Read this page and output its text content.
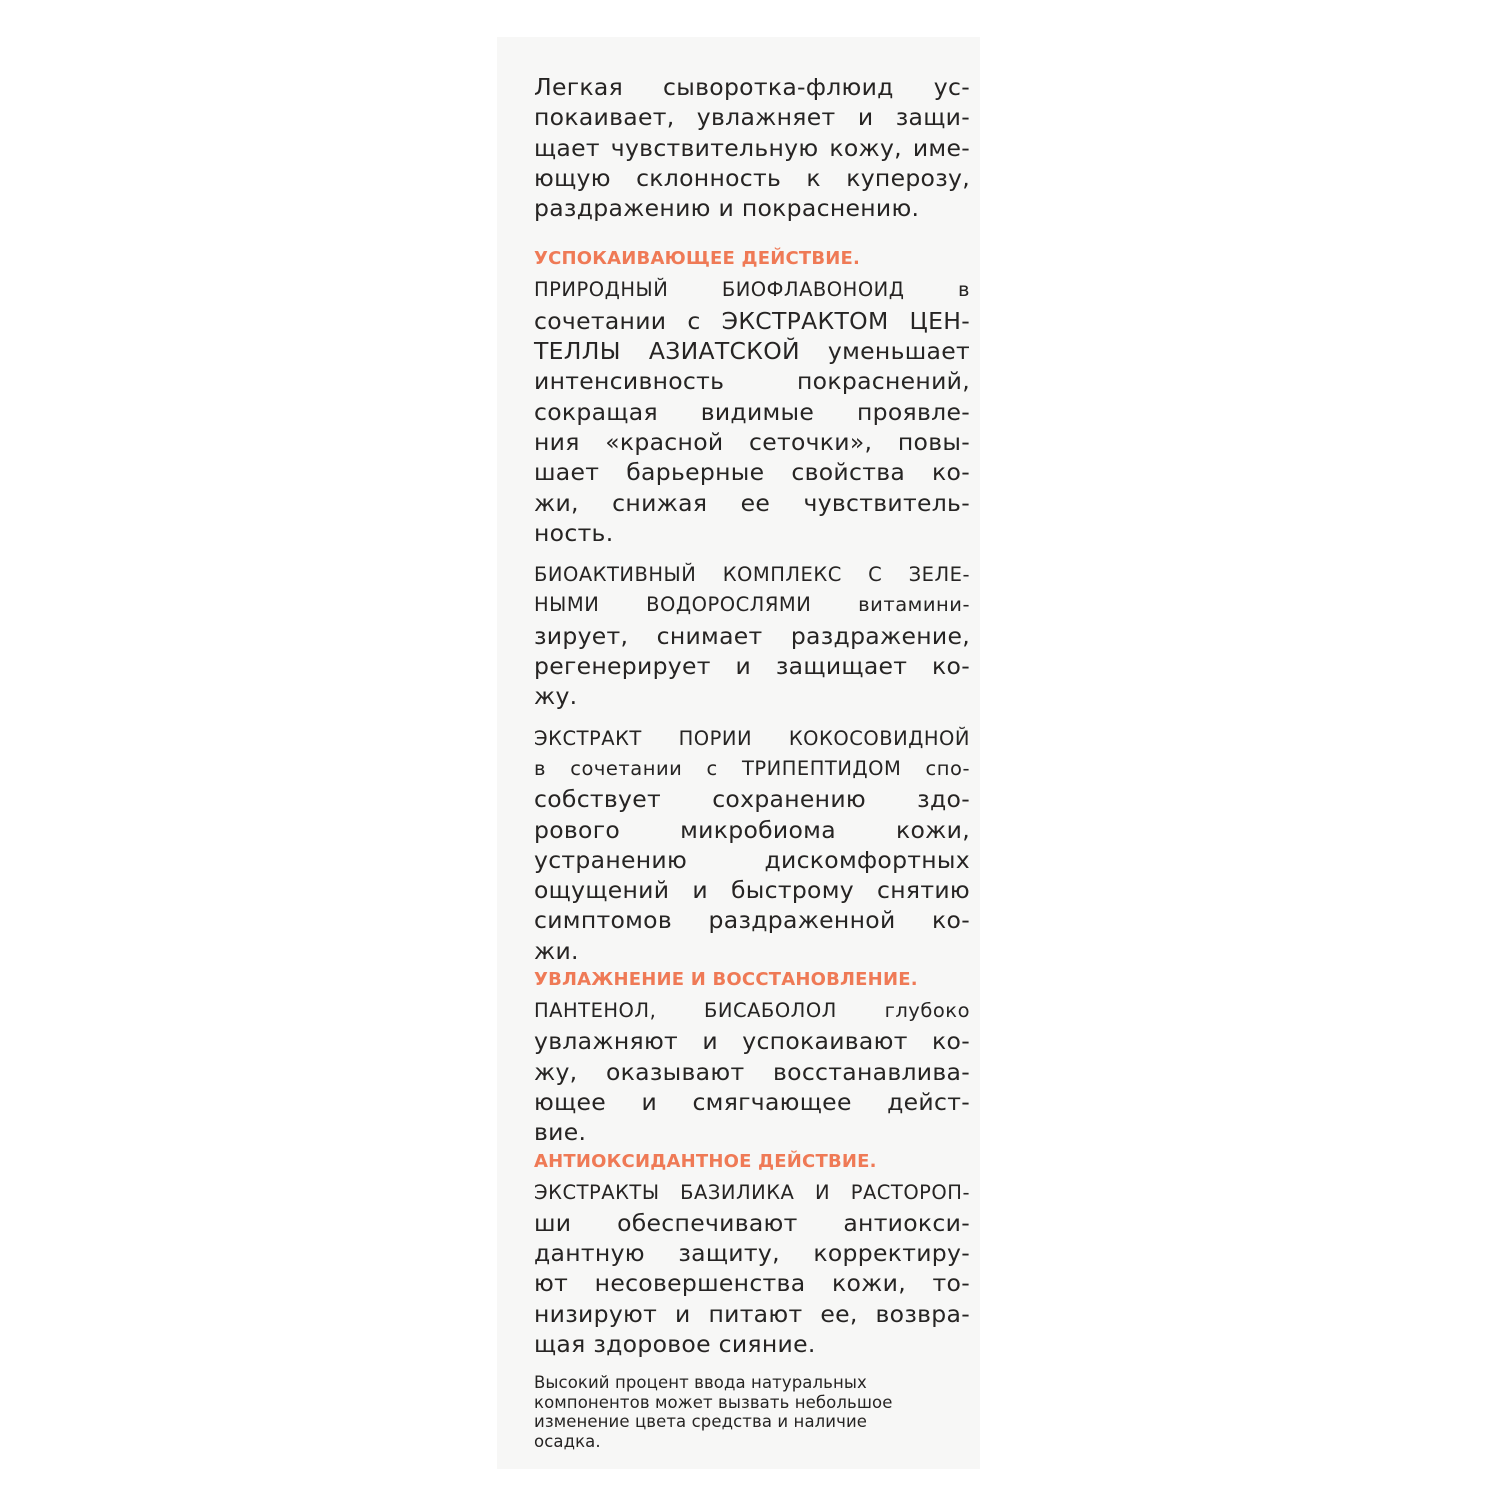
Легкая сыворотка-флюид ус-
покаивает, увлажняет и защи-
щает чувствительную кожу, име-
ющую склонность к куперозу,
раздражению и покраснению.
УСПОКАИВАЮЩЕЕ ДЕЙСТВИЕ.
ПРИРОДНЫЙ БИОФЛАВОНОИД в
сочетании с ЭКСТРАКТОМ ЦЕН-
ТЕЛЛЫ АЗИАТСКОЙ уменьшает
интенсивность покраснений,
сокращая видимые проявле-
ния «красной сеточки», повы-
шает барьерные свойства ко-
жи, снижая ее чувствитель-
ность.
БИОАКТИВНЫЙ КОМПЛЕКС С ЗЕЛЕ-
НЫМИ ВОДОРОСЛЯМИ витамини-
зирует, снимает раздражение,
регенерирует и защищает ко-
жу.
ЭКСТРАКТ ПОРИИ КОКОСОВИДНОЙ
в сочетании с ТРИПЕПТИДОМ спо-
собствует сохранению здо-
рового микробиома кожи,
устранению дискомфортных
ощущений и быстрому снятию
симптомов раздраженной ко-
жи.
УВЛАЖНЕНИЕ И ВОССТАНОВЛЕНИЕ.
ПАНТЕНОЛ, БИСАБОЛОЛ глубоко
увлажняют и успокаивают ко-
жу, оказывают восстанавлива-
ющее и смягчающее дейст-
вие.
АНТИОКСИДАНТНОЕ ДЕЙСТВИЕ.
ЭКСТРАКТЫ БАЗИЛИКА И РАСТОРОП-
ши обеспечивают антиокси-
дантную защиту, корректиру-
ют несовершенства кожи, то-
низируют и питают ее, возвра-
щая здоровое сияние.
Высокий процент ввода натуральных
компонентов может вызвать небольшое
изменение цвета средства и наличие
осадка.
